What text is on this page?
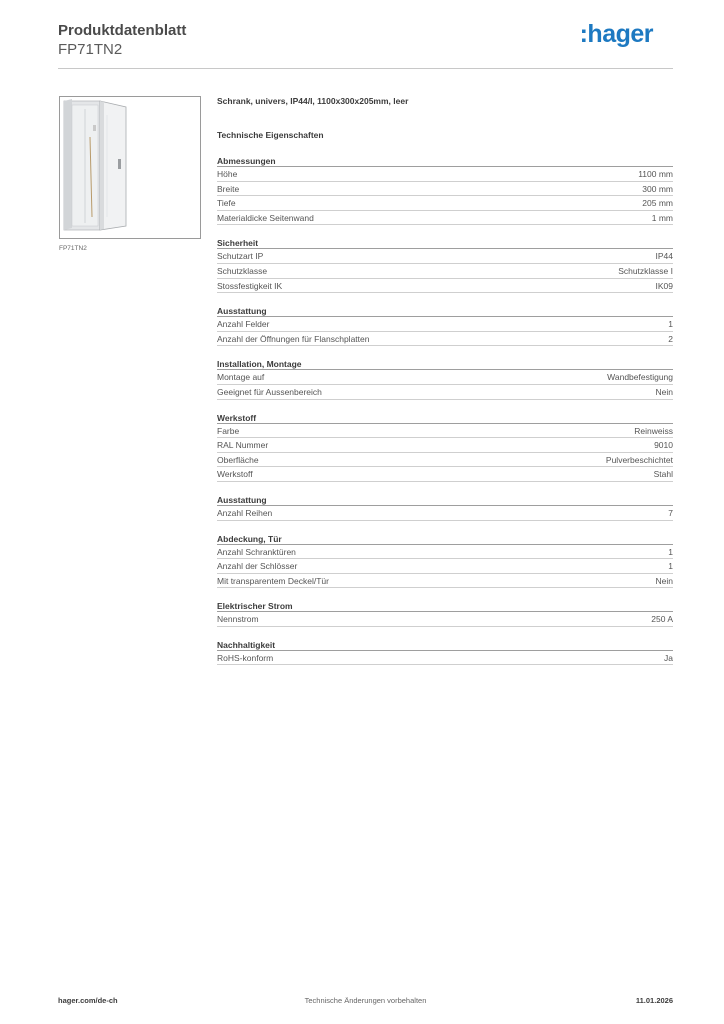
Produktdatenblatt
FP71TN2
:hager
FP71TN2
Schrank, univers, IP44/I, 1100x300x205mm, leer
Technische Eigenschaften
Abmessungen
Höhe	1100 mm
Breite	300 mm
Tiefe	205 mm
Materialdicke Seitenwand	1 mm
Sicherheit
Schutzart IP	IP44
Schutzklasse	Schutzklasse I
Stossfestigkeit IK	IK09
Ausstattung
Anzahl Felder	1
Anzahl der Öffnungen für Flanschplatten	2
Installation, Montage
Montage auf	Wandbefestigung
Geeignet für Aussenbereich	Nein
Werkstoff
Farbe	Reinweiss
RAL Nummer	9010
Oberfläche	Pulverbeschichtet
Werkstoff	Stahl
Ausstattung
Anzahl Reihen	7
Abdeckung, Tür
Anzahl Schranktüren	1
Anzahl der Schlösser	1
Mit transparentem Deckel/Tür	Nein
Elektrischer Strom
Nennstrom	250 A
Nachhaltigkeit
RoHS-konform	Ja
hager.com/de-ch	Technische Änderungen vorbehalten	11.01.2026
